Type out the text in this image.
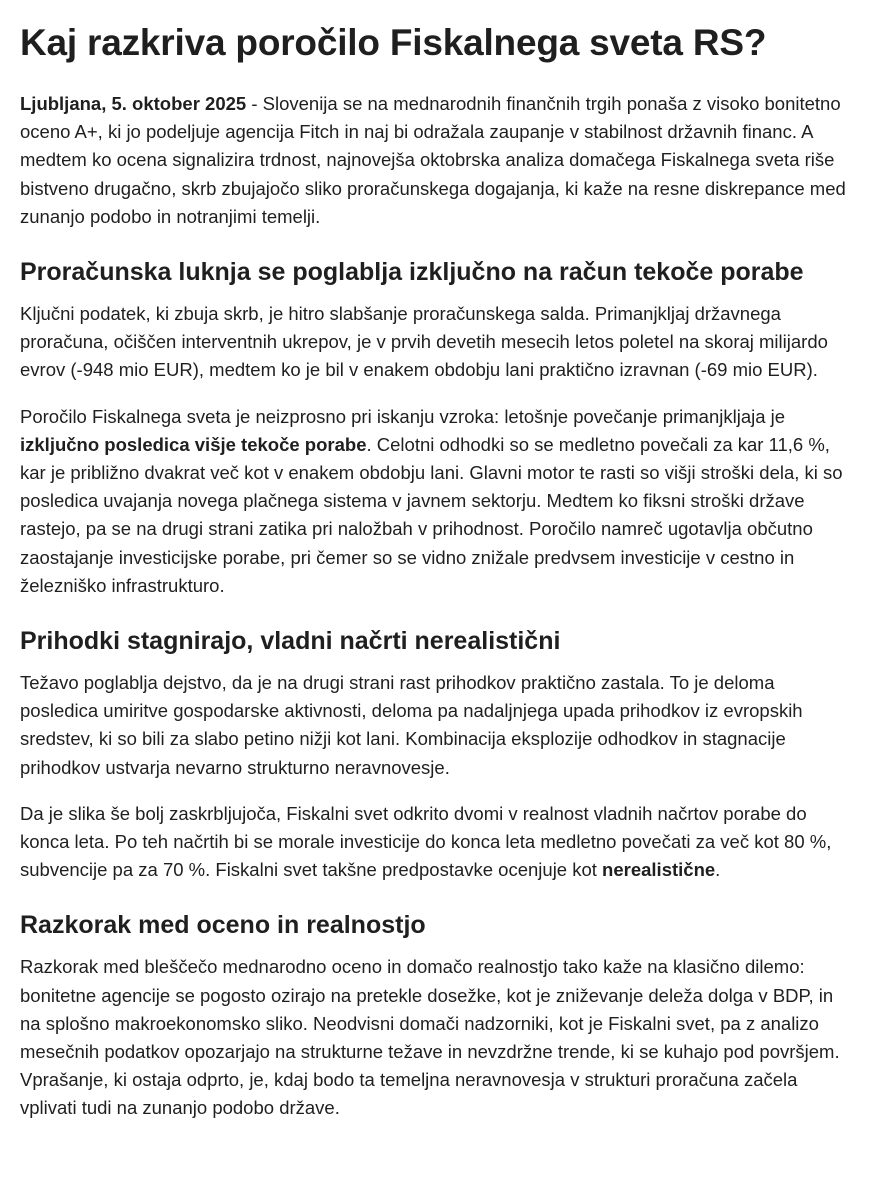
Kaj razkriva poročilo Fiskalnega sveta RS?

Ljubljana, 5. oktober 2025 - Slovenija se na mednarodnih finančnih trgih ponaša z visoko bonitetno oceno A+, ki jo podeljuje agencija Fitch in naj bi odražala zaupanje v stabilnost državnih financ. A medtem ko ocena signalizira trdnost, najnovejša oktobrska analiza domačega Fiskalnega sveta riše bistveno drugačno, skrb zbujajočo sliko proračunskega dogajanja, ki kaže na resne diskrepance med zunanjo podobo in notranjimi temelji.

Proračunska luknja se poglablja izključno na račun tekoče porabe

Ključni podatek, ki zbuja skrb, je hitro slabšanje proračunskega salda. Primanjkljaj državnega proračuna, očiščen interventnih ukrepov, je v prvih devetih mesecih letos poletel na skoraj milijardo evrov (-948 mio EUR), medtem ko je bil v enakem obdobju lani praktično izravnan (-69 mio EUR).

Poročilo Fiskalnega sveta je neizprosno pri iskanju vzroka: letošnje povečanje primanjkljaja je izključno posledica višje tekoče porabe. Celotni odhodki so se medletno povečali za kar 11,6 %, kar je približno dvakrat več kot v enakem obdobju lani. Glavni motor te rasti so višji stroški dela, ki so posledica uvajanja novega plačnega sistema v javnem sektorju. Medtem ko fiksni stroški države rastejo, pa se na drugi strani zatika pri naložbah v prihodnost. Poročilo namreč ugotavlja občutno zaostajanje investicijske porabe, pri čemer so se vidno znižale predvsem investicije v cestno in železniško infrastrukturo.

Prihodki stagnirajo, vladni načrti nerealistični

Težavo poglablja dejstvo, da je na drugi strani rast prihodkov praktično zastala. To je deloma posledica umiritve gospodarske aktivnosti, deloma pa nadaljnjega upada prihodkov iz evropskih sredstev, ki so bili za slabo petino nižji kot lani. Kombinacija eksplozije odhodkov in stagnacije prihodkov ustvarja nevarno strukturno neravnovesje.

Da je slika še bolj zaskrbljujoča, Fiskalni svet odkrito dvomi v realnost vladnih načrtov porabe do konca leta. Po teh načrtih bi se morale investicije do konca leta medletno povečati za več kot 80 %, subvencije pa za 70 %. Fiskalni svet takšne predpostavke ocenjuje kot nerealistične.

Razkorak med oceno in realnostjo

Razkorak med bleščečo mednarodno oceno in domačo realnostjo tako kaže na klasično dilemo: bonitetne agencije se pogosto ozirajo na pretekle dosežke, kot je zniževanje deleža dolga v BDP, in na splošno makroekonomsko sliko. Neodvisni domači nadzorniki, kot je Fiskalni svet, pa z analizo mesečnih podatkov opozarjajo na strukturne težave in nevzdržne trende, ki se kuhajo pod površjem. Vprašanje, ki ostaja odprto, je, kdaj bodo ta temeljna neravnovesja v strukturi proračuna začela vplivati tudi na zunanjo podobo države.
